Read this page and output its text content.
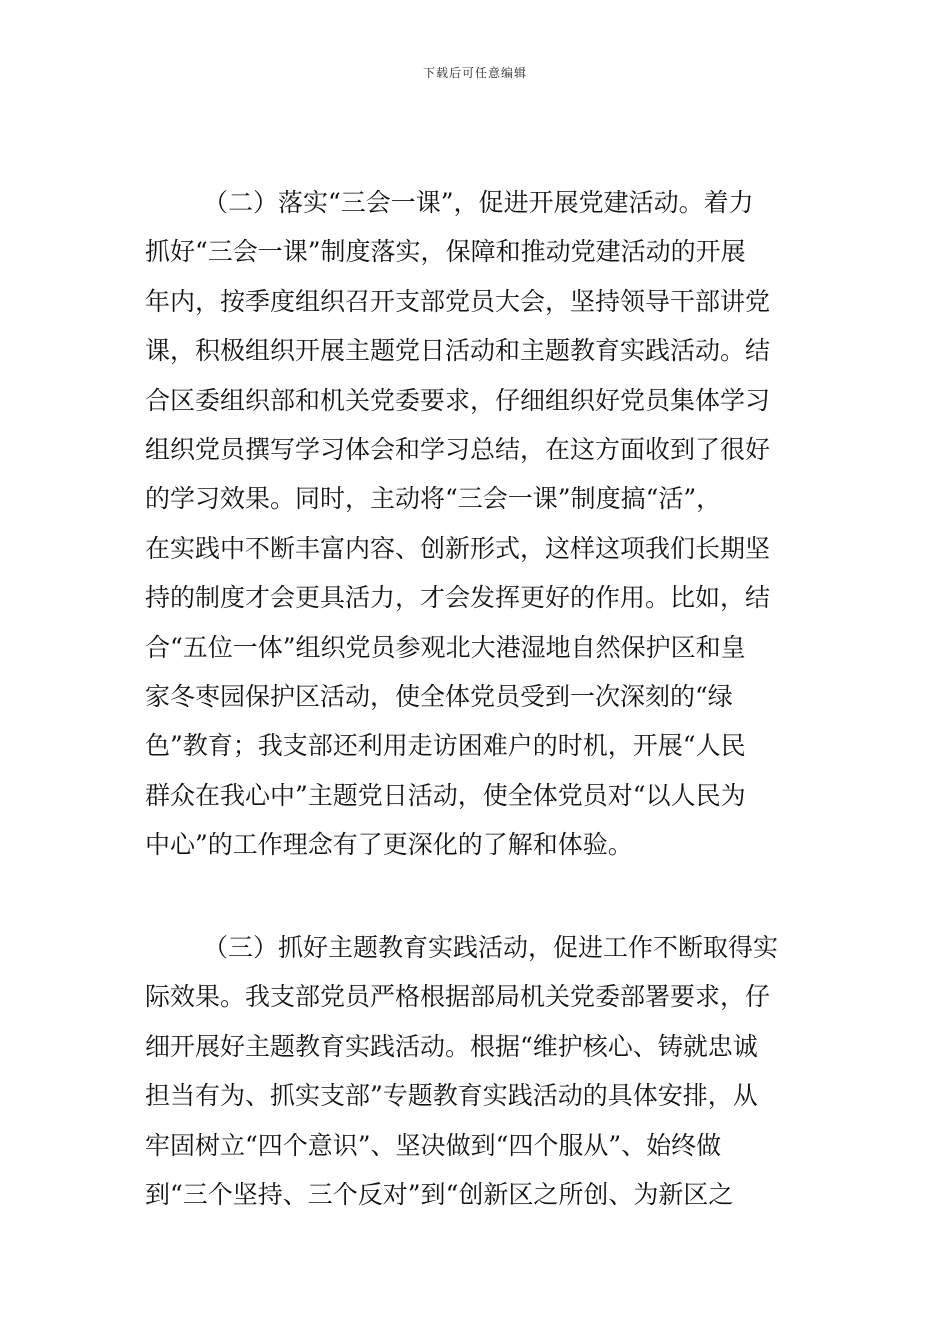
下载后可任意编辑
（二）落实“三会一课”，促进开展党建活动。着力
抓好“三会一课”制度落实，保障和推动党建活动的开展
年内，按季度组织召开支部党员大会，坚持领导干部讲党
课，积极组织开展主题党日活动和主题教育实践活动。结
合区委组织部和机关党委要求，仔细组织好党员集体学习
组织党员撰写学习体会和学习总结，在这方面收到了很好
的学习效果。同时，主动将“三会一课”制度搞“活”，
在实践中不断丰富内容、创新形式，这样这项我们长期坚
持的制度才会更具活力，才会发挥更好的作用。比如，结
合“五位一体”组织党员参观北大港湿地自然保护区和皇
家冬枣园保护区活动，使全体党员受到一次深刻的“绿
色”教育；我支部还利用走访困难户的时机，开展“人民
群众在我心中”主题党日活动，使全体党员对“以人民为
中心”的工作理念有了更深化的了解和体验。
（三）抓好主题教育实践活动，促进工作不断取得实
际效果。我支部党员严格根据部局机关党委部署要求，仔
细开展好主题教育实践活动。根据“维护核心、铸就忠诚
担当有为、抓实支部”专题教育实践活动的具体安排，从
牢固树立“四个意识”、坚决做到“四个服从”、始终做
到“三个坚持、三个反对”到“创新区之所创、为新区之
